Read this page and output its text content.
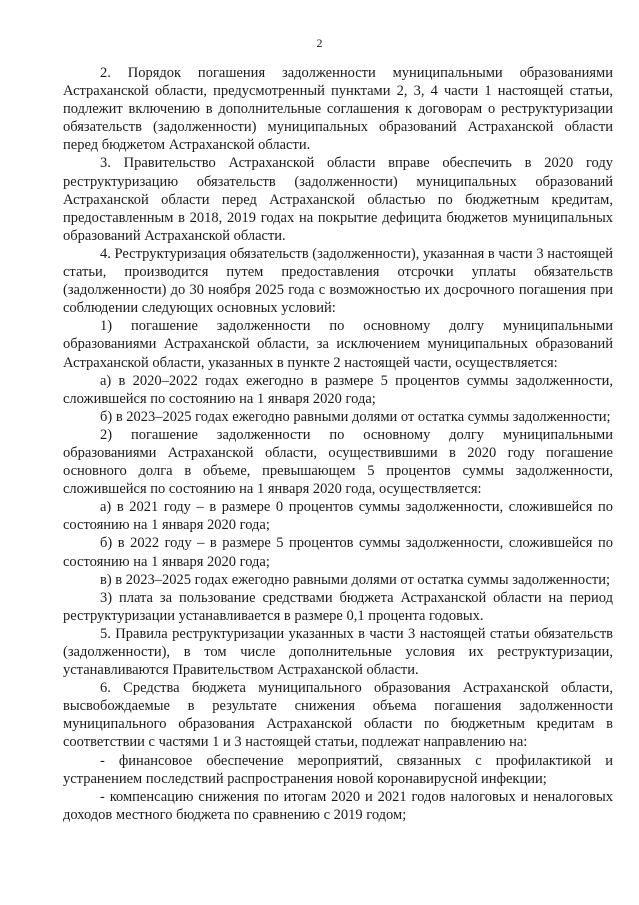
2

2. Порядок погашения задолженности муниципальными образованиями Астраханской области, предусмотренный пунктами 2, 3, 4 части 1 настоящей статьи, подлежит включению в дополнительные соглашения к договорам о реструктуризации обязательств (задолженности) муниципальных образований Астраханской области перед бюджетом Астраханской области.

3. Правительство Астраханской области вправе обеспечить в 2020 году реструктуризацию обязательств (задолженности) муниципальных образований Астраханской области перед Астраханской областью по бюджетным кредитам, предоставленным в 2018, 2019 годах на покрытие дефицита бюджетов муниципальных образований Астраханской области.

4. Реструктуризация обязательств (задолженности), указанная в части 3 настоящей статьи, производится путем предоставления отсрочки уплаты обязательств (задолженности) до 30 ноября 2025 года с возможностью их досрочного погашения при соблюдении следующих основных условий:

1) погашение задолженности по основному долгу муниципальными образованиями Астраханской области, за исключением муниципальных образований Астраханской области, указанных в пункте 2 настоящей части, осуществляется:

а) в 2020–2022 годах ежегодно в размере 5 процентов суммы задолженности, сложившейся по состоянию на 1 января 2020 года;

б) в 2023–2025 годах ежегодно равными долями от остатка суммы задолженности;

2) погашение задолженности по основному долгу муниципальными образованиями Астраханской области, осуществившими в 2020 году погашение основного долга в объеме, превышающем 5 процентов суммы задолженности, сложившейся по состоянию на 1 января 2020 года, осуществляется:

а) в 2021 году – в размере 0 процентов суммы задолженности, сложившейся по состоянию на 1 января 2020 года;

б) в 2022 году – в размере 5 процентов суммы задолженности, сложившейся по состоянию на 1 января 2020 года;

в) в 2023–2025 годах ежегодно равными долями от остатка суммы задолженности;

3) плата за пользование средствами бюджета Астраханской области на период реструктуризации устанавливается в размере 0,1 процента годовых.

5. Правила реструктуризации указанных в части 3 настоящей статьи обязательств (задолженности), в том числе дополнительные условия их реструктуризации, устанавливаются Правительством Астраханской области.

6. Средства бюджета муниципального образования Астраханской области, высвобождаемые в результате снижения объема погашения задолженности муниципального образования Астраханской области по бюджетным кредитам в соответствии с частями 1 и 3 настоящей статьи, подлежат направлению на:

- финансовое обеспечение мероприятий, связанных с профилактикой и устранением последствий распространения новой коронавирусной инфекции;

- компенсацию снижения по итогам 2020 и 2021 годов налоговых и неналоговых доходов местного бюджета по сравнению с 2019 годом;
